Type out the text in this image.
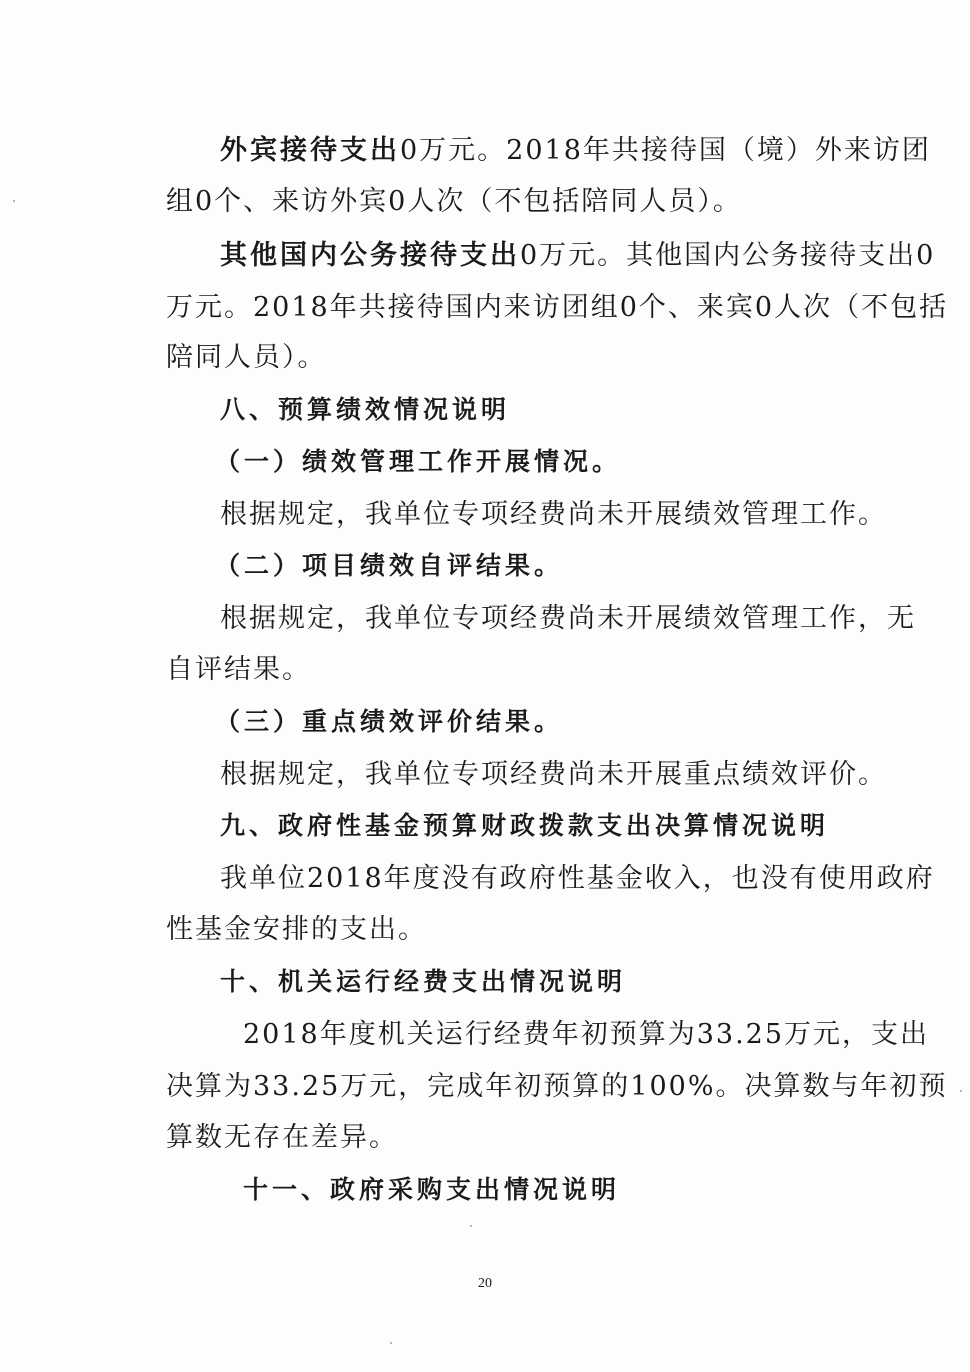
外宾接待支出0万元。2018年共接待国（境）外来访团
组0个、来访外宾0人次（不包括陪同人员）。
其他国内公务接待支出0万元。其他国内公务接待支出0
万元。2018年共接待国内来访团组0个、来宾0人次（不包括
陪同人员）。
八、预算绩效情况说明
（一）绩效管理工作开展情况。
根据规定，我单位专项经费尚未开展绩效管理工作。
（二）项目绩效自评结果。
根据规定，我单位专项经费尚未开展绩效管理工作，无
自评结果。
（三）重点绩效评价结果。
根据规定，我单位专项经费尚未开展重点绩效评价。
九、政府性基金预算财政拨款支出决算情况说明
我单位2018年度没有政府性基金收入，也没有使用政府
性基金安排的支出。
十、机关运行经费支出情况说明
2018年度机关运行经费年初预算为33.25万元，支出
决算为33.25万元，完成年初预算的100%。决算数与年初预
算数无存在差异。
十一、政府采购支出情况说明
20
